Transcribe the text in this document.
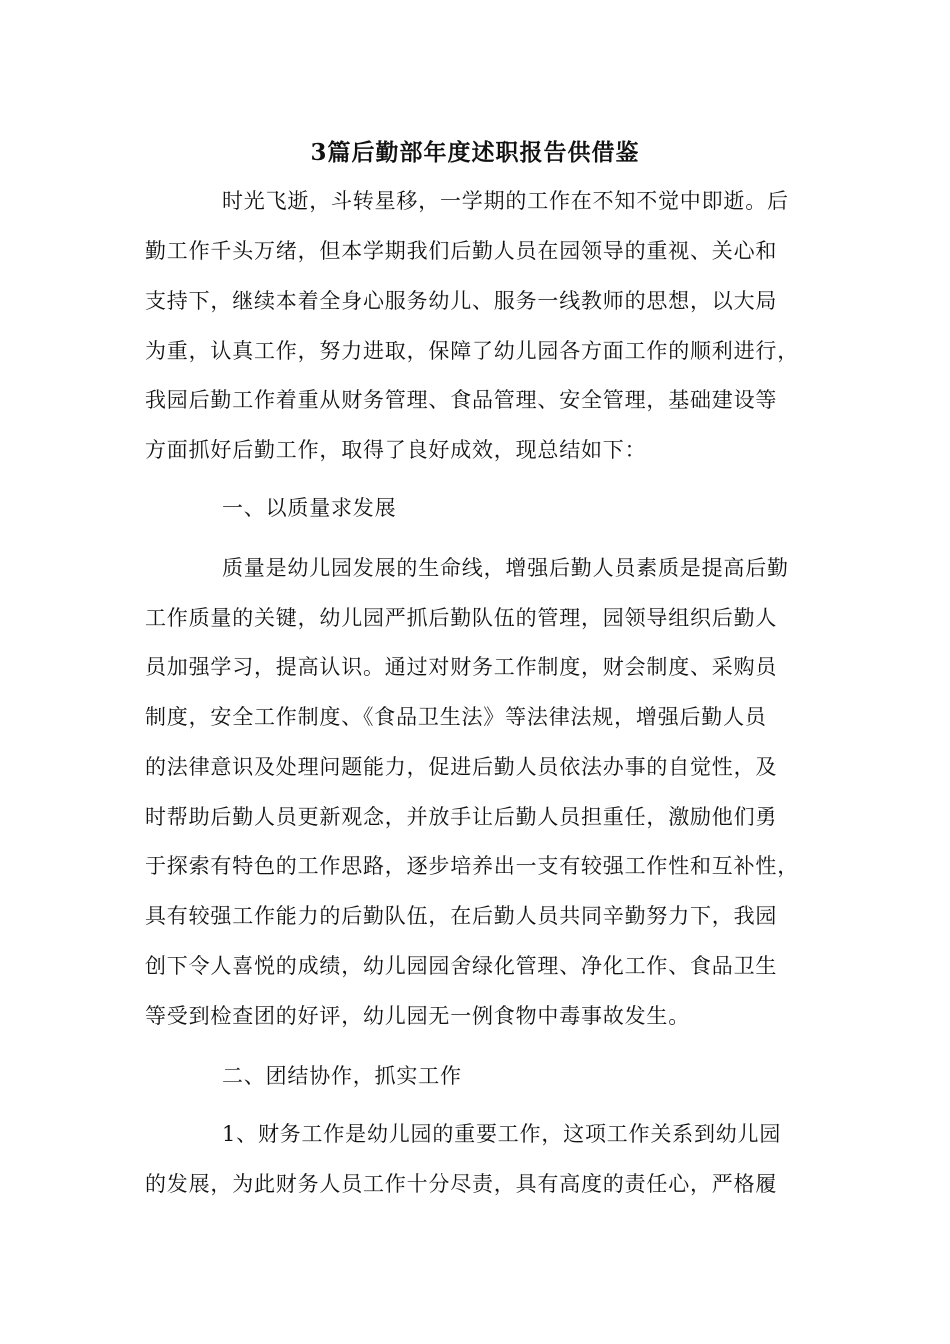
3篇后勤部年度述职报告供借鉴
时光飞逝，斗转星移，一学期的工作在不知不觉中即逝。后
勤工作千头万绪，但本学期我们后勤人员在园领导的重视、关心和
支持下，继续本着全身心服务幼儿、服务一线教师的思想，以大局
为重，认真工作，努力进取，保障了幼儿园各方面工作的顺利进行，
我园后勤工作着重从财务管理、食品管理、安全管理，基础建设等
方面抓好后勤工作，取得了良好成效，现总结如下：
一、以质量求发展
质量是幼儿园发展的生命线，增强后勤人员素质是提高后勤
工作质量的关键，幼儿园严抓后勤队伍的管理，园领导组织后勤人
员加强学习，提高认识。通过对财务工作制度，财会制度、采购员
制度，安全工作制度、《食品卫生法》等法律法规，增强后勤人员
的法律意识及处理问题能力，促进后勤人员依法办事的自觉性，及
时帮助后勤人员更新观念，并放手让后勤人员担重任，激励他们勇
于探索有特色的工作思路，逐步培养出一支有较强工作性和互补性，
具有较强工作能力的后勤队伍，在后勤人员共同辛勤努力下，我园
创下令人喜悦的成绩，幼儿园园舍绿化管理、净化工作、食品卫生
等受到检查团的好评，幼儿园无一例食物中毒事故发生。
二、团结协作，抓实工作
1、财务工作是幼儿园的重要工作，这项工作关系到幼儿园
的发展，为此财务人员工作十分尽责，具有高度的责任心，严格履
